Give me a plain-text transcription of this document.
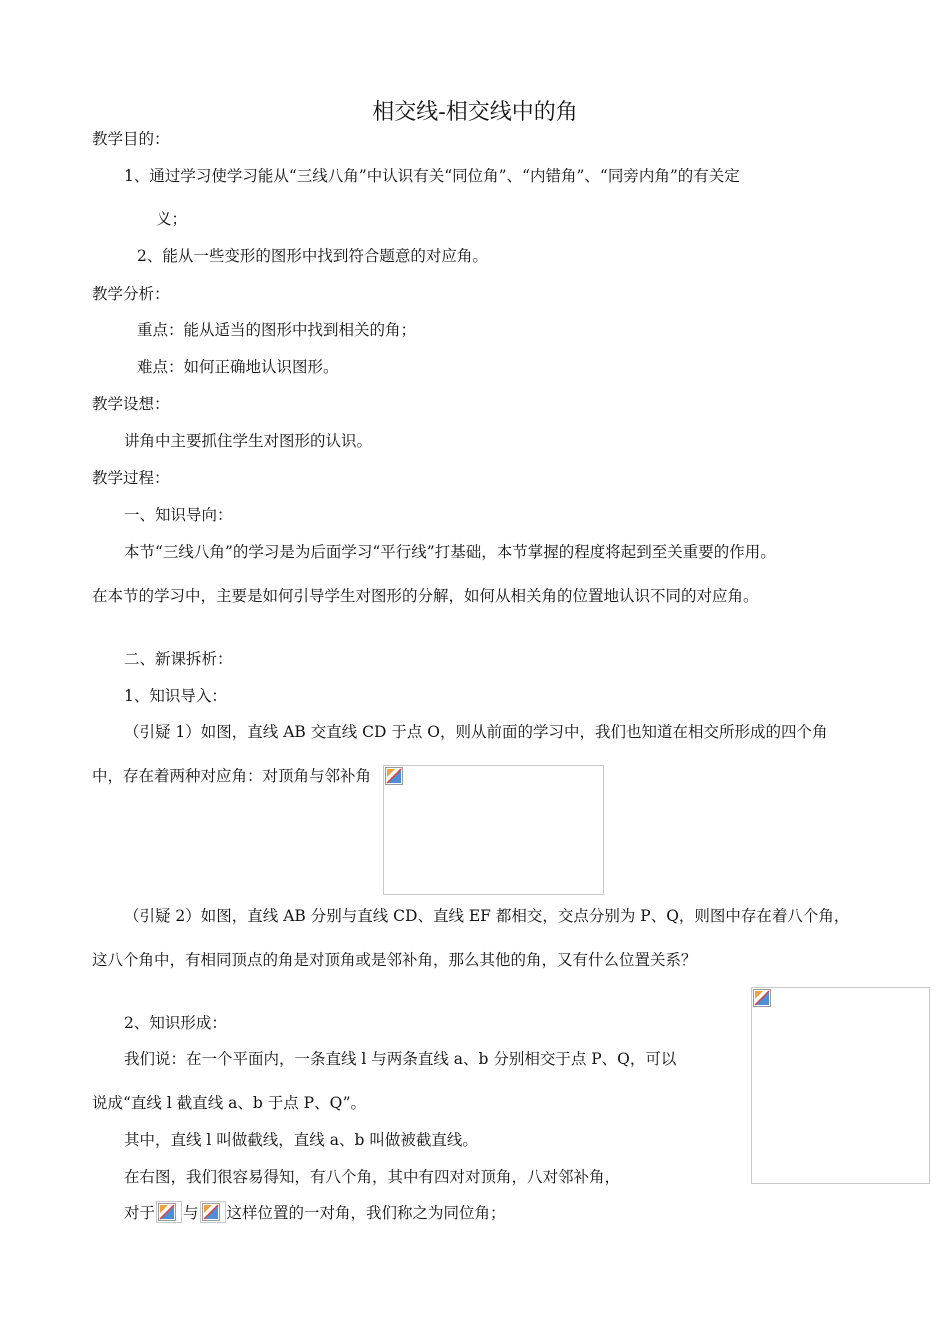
相交线-相交线中的角
教学目的：
1、通过学习使学习能从“三线八角”中认识有关“同位角”、“内错角”、“同旁内角”的有关定
义；
2、能从一些变形的图形中找到符合题意的对应角。
教学分析：
重点：能从适当的图形中找到相关的角；
难点：如何正确地认识图形。
教学设想：
讲角中主要抓住学生对图形的认识。
教学过程：
一、知识导向：
本节“三线八角”的学习是为后面学习“平行线”打基础，本节掌握的程度将起到至关重要的作用。
在本节的学习中，主要是如何引导学生对图形的分解，如何从相关角的位置地认识不同的对应角。
二、新课拆析：
1、知识导入：
（引疑 1）如图，直线 AB 交直线 CD 于点 O，则从前面的学习中，我们也知道在相交所形成的四个角
中，存在着两种对应角：对顶角与邻补角
（引疑 2）如图，直线 AB 分别与直线 CD、直线 EF 都相交，交点分别为 P、Q，则图中存在着八个角，
这八个角中，有相同顶点的角是对顶角或是邻补角，那么其他的角，又有什么位置关系？
2、知识形成：
我们说：在一个平面内，一条直线 l 与两条直线 a、b 分别相交于点 P、Q，可以
说成“直线 l 截直线 a、b 于点 P、Q”。
其中，直线 l 叫做截线，直线 a、b 叫做被截直线。
在右图，我们很容易得知，有八个角，其中有四对对顶角，八对邻补角，
对于 与 这样位置的一对角，我们称之为同位角；
